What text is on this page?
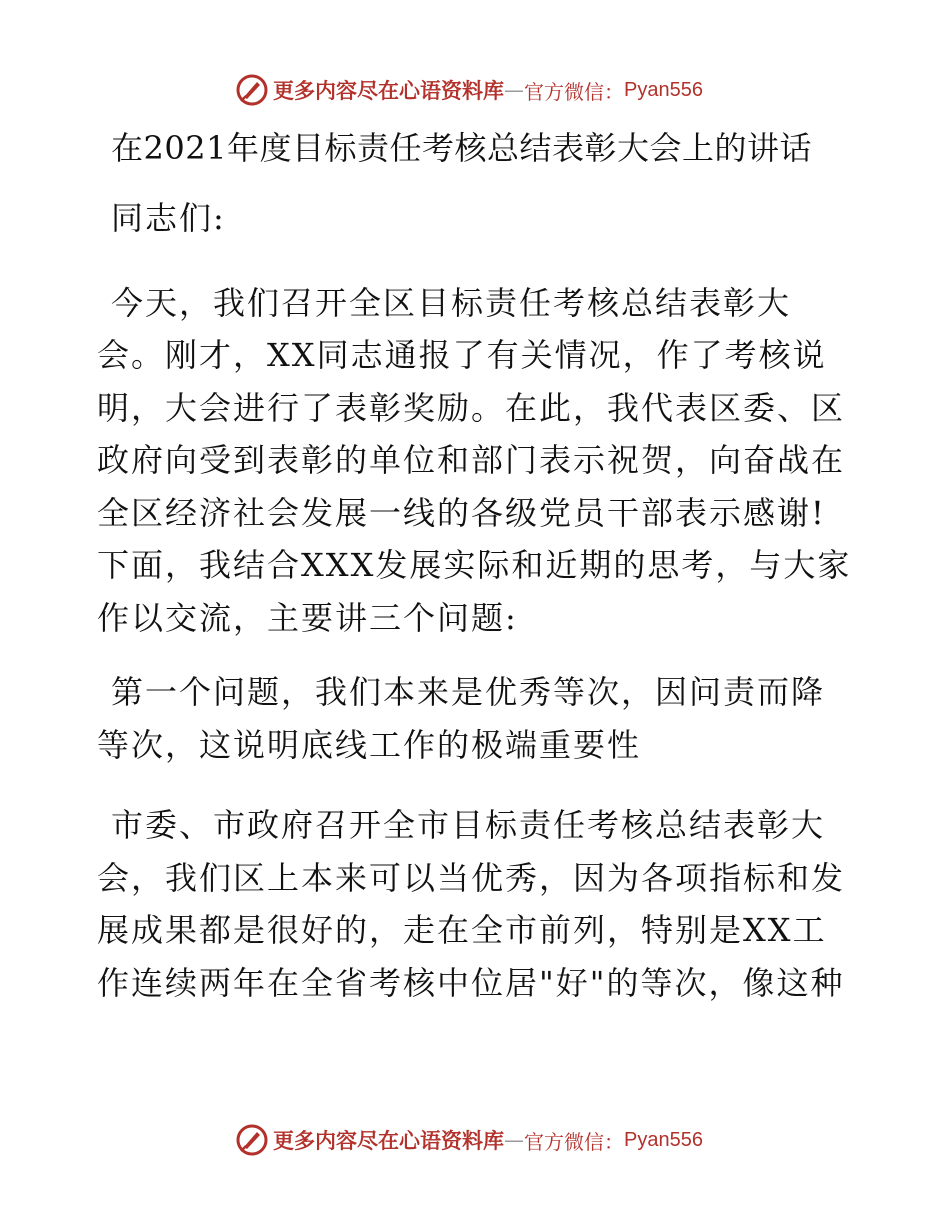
更多内容尽在心语资料库 — 官方微信： Pyan556
在2021年度目标责任考核总结表彰大会上的讲话

同志们:

今天，我们召开全区目标责任考核总结表彰大会。刚才，XX同志通报了有关情况，作了考核说明，大会进行了表彰奖励。在此，我代表区委、区政府向受到表彰的单位和部门表示祝贺，向奋战在全区经济社会发展一线的各级党员干部表示感谢!下面，我结合XXX发展实际和近期的思考，与大家作以交流，主要讲三个问题:

第一个问题，我们本来是优秀等次，因问责而降等次，这说明底线工作的极端重要性

市委、市政府召开全市目标责任考核总结表彰大会，我们区上本来可以当优秀，因为各项指标和发展成果都是很好的，走在全市前列，特别是XX工作连续两年在全省考核中位居"好"的等次，像这种

更多内容尽在心语资料库 — 官方微信： Pyan556
